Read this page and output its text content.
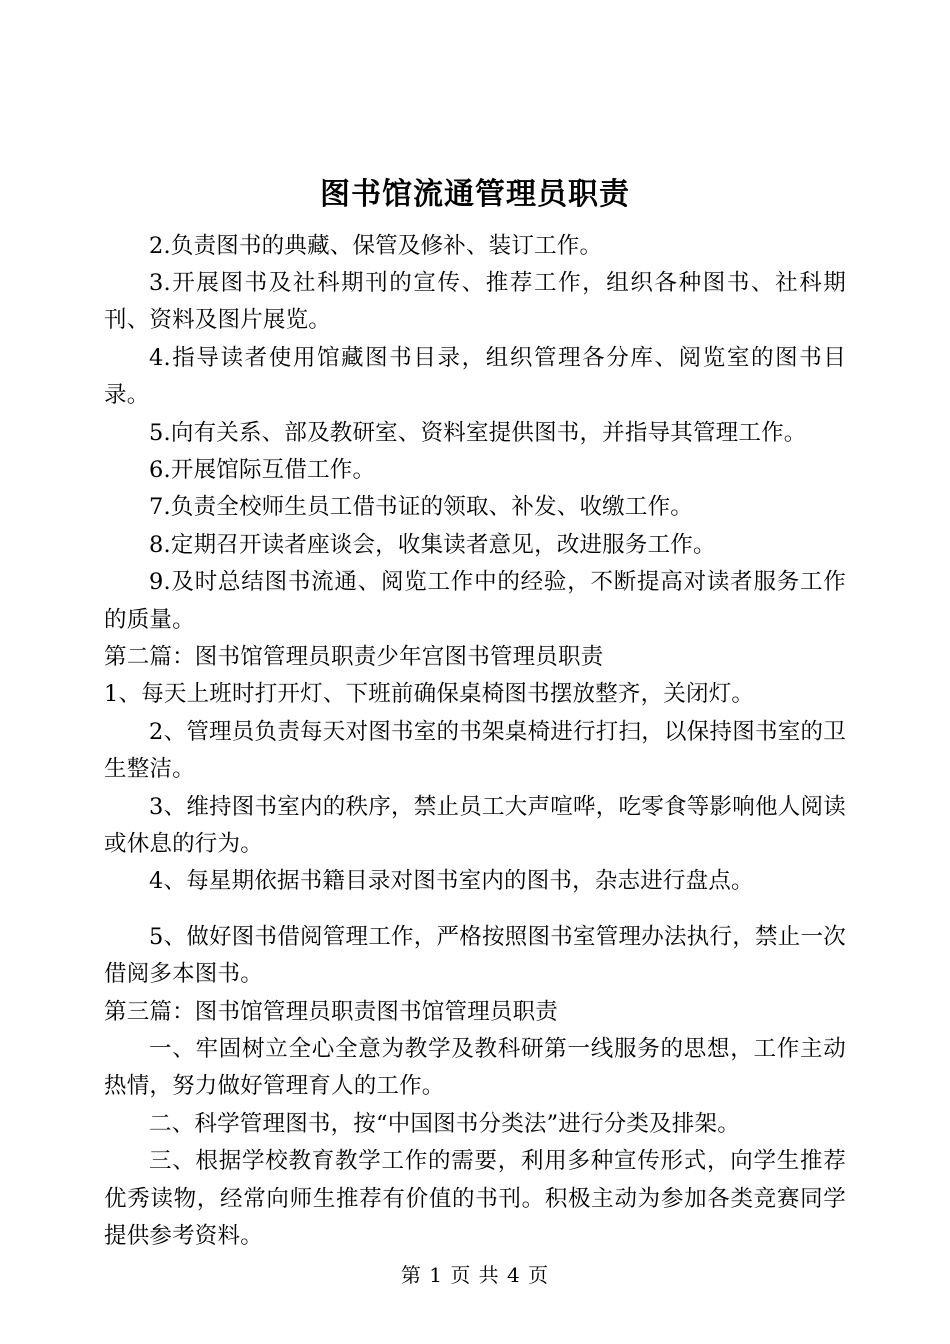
图书馆流通管理员职责

2.负责图书的典藏、保管及修补、装订工作。

3.开展图书及社科期刊的宣传、推荐工作，组织各种图书、社科期刊、资料及图片展览。

4.指导读者使用馆藏图书目录，组织管理各分库、阅览室的图书目录。

5.向有关系、部及教研室、资料室提供图书，并指导其管理工作。

6.开展馆际互借工作。

7.负责全校师生员工借书证的领取、补发、收缴工作。

8.定期召开读者座谈会，收集读者意见，改进服务工作。

9.及时总结图书流通、阅览工作中的经验，不断提高对读者服务工作的质量。

第二篇：图书馆管理员职责少年宫图书管理员职责

1、每天上班时打开灯、下班前确保桌椅图书摆放整齐，关闭灯。

2、管理员负责每天对图书室的书架桌椅进行打扫，以保持图书室的卫生整洁。

3、维持图书室内的秩序，禁止员工大声喧哗，吃零食等影响他人阅读或休息的行为。

4、每星期依据书籍目录对图书室内的图书，杂志进行盘点。

5、做好图书借阅管理工作，严格按照图书室管理办法执行，禁止一次借阅多本图书。

第三篇：图书馆管理员职责图书馆管理员职责

一、牢固树立全心全意为教学及教科研第一线服务的思想，工作主动热情，努力做好管理育人的工作。

二、科学管理图书，按“中国图书分类法”进行分类及排架。

三、根据学校教育教学工作的需要，利用多种宣传形式，向学生推荐优秀读物，经常向师生推荐有价值的书刊。积极主动为参加各类竞赛同学提供参考资料。

第 1 页 共 4 页
